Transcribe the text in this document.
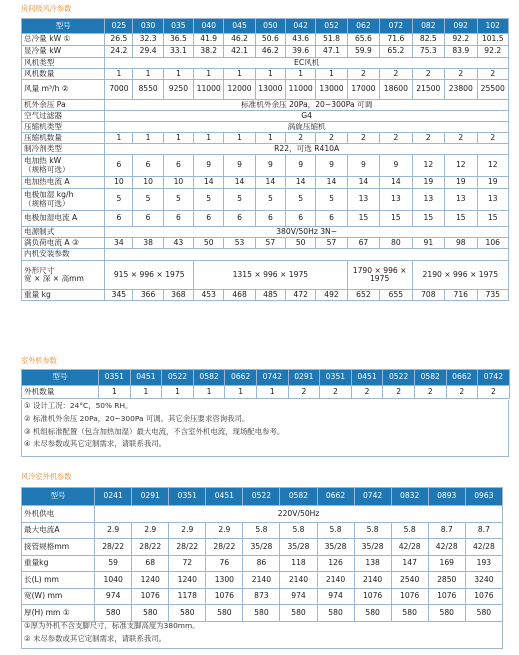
房间级风冷参数
型号	025	030	035	040	045	050	042	052	062	072	082	092	102
总冷量 kW ①	26.5	32.3	36.5	41.9	46.2	50.6	43.6	51.8	65.6	71.6	82.5	92.2	101.5
显冷量 kW	24.2	29.4	33.1	38.2	42.1	46.2	39.6	47.1	59.9	65.2	75.3	83.9	92.2
风机类型	EC风机												
风机数量	1	1	1	1	1	1	1	1	2	2	2	2	2
风量 m³/h ②	7000	8550	9250	11000	12000	13000	11000	13000	17000	18600	21500	23800	25500
机外余压 Pa	标准机外余压 20Pa，20~300Pa 可调												
空气过滤器	G4												
压缩机类型	涡旋压缩机												
压缩机数量	1	1	1	1	1	1	2	2	2	2	2	2	2
制冷剂类型	R22，可选 R410A												
电加热 kW
（规格可选）	6	6	6	9	9	9	9	9	9	9	12	12	12
电加热电流 A	10	10	10	14	14	14	14	14	14	14	19	19	19
电极加湿 kg/h
（规格可选）	5	5	5	5	5	5	5	5	13	13	13	13	13
电极加湿电流 A	6	6	6	6	6	6	6	6	15	15	15	15	15
电源制式	380V/50Hz 3N~												
满负荷电流 A ③	34	38	43	50	53	57	50	57	67	80	91	98	106
内机安装参数													
外形尺寸
宽 × 深 × 高mm	915 × 996 × 1975			1315 × 996 × 1975					1790 × 996 × 1975		2190 × 996 × 1975		
重量 kg	345	366	368	453	468	485	472	492	652	655	708	716	735
室外机参数
型号	0351	0451	0522	0582	0662	0742	0291	0351	0451	0522	0582	0662	0742
外机数量	1	1	1	1	1	1	2	2	2	2	2	2	2
① 设计工况：24°C，50% RH。
② 标准机外余压 20Pa，20~300Pa 可调。其它余压要求咨询我司。
③ 机组标准配置（包含加热加湿）最大电流，不含室外机电流，现场配电参考。
④ 未尽参数或其它定制需求，请联系我司。
风冷室外机参数
型号	0241	0291	0351	0451	0522	0582	0662	0742	0832	0893	0963
外机供电	220V/50Hz										
最大电流A	2.9	2.9	2.9	2.9	5.8	5.8	5.8	5.8	5.8	8.7	8.7
接管规格mm	28/22	28/22	28/22	28/22	35/28	35/28	35/28	35/28	42/28	42/28	42/28
重量kg	59	68	72	76	86	118	126	138	147	169	193
长(L) mm	1040	1240	1240	1300	2140	2140	2140	2140	2540	2850	3240
宽(W) mm	974	1076	1178	1076	873	974	974	1076	1076	1076	1076
厚(H) mm ①	580	580	580	580	580	580	580	580	580	580	580
①厚为外机不含支脚尺寸，标准支脚高度为380mm。
② 未尽参数或其它定制需求，请联系我司。
